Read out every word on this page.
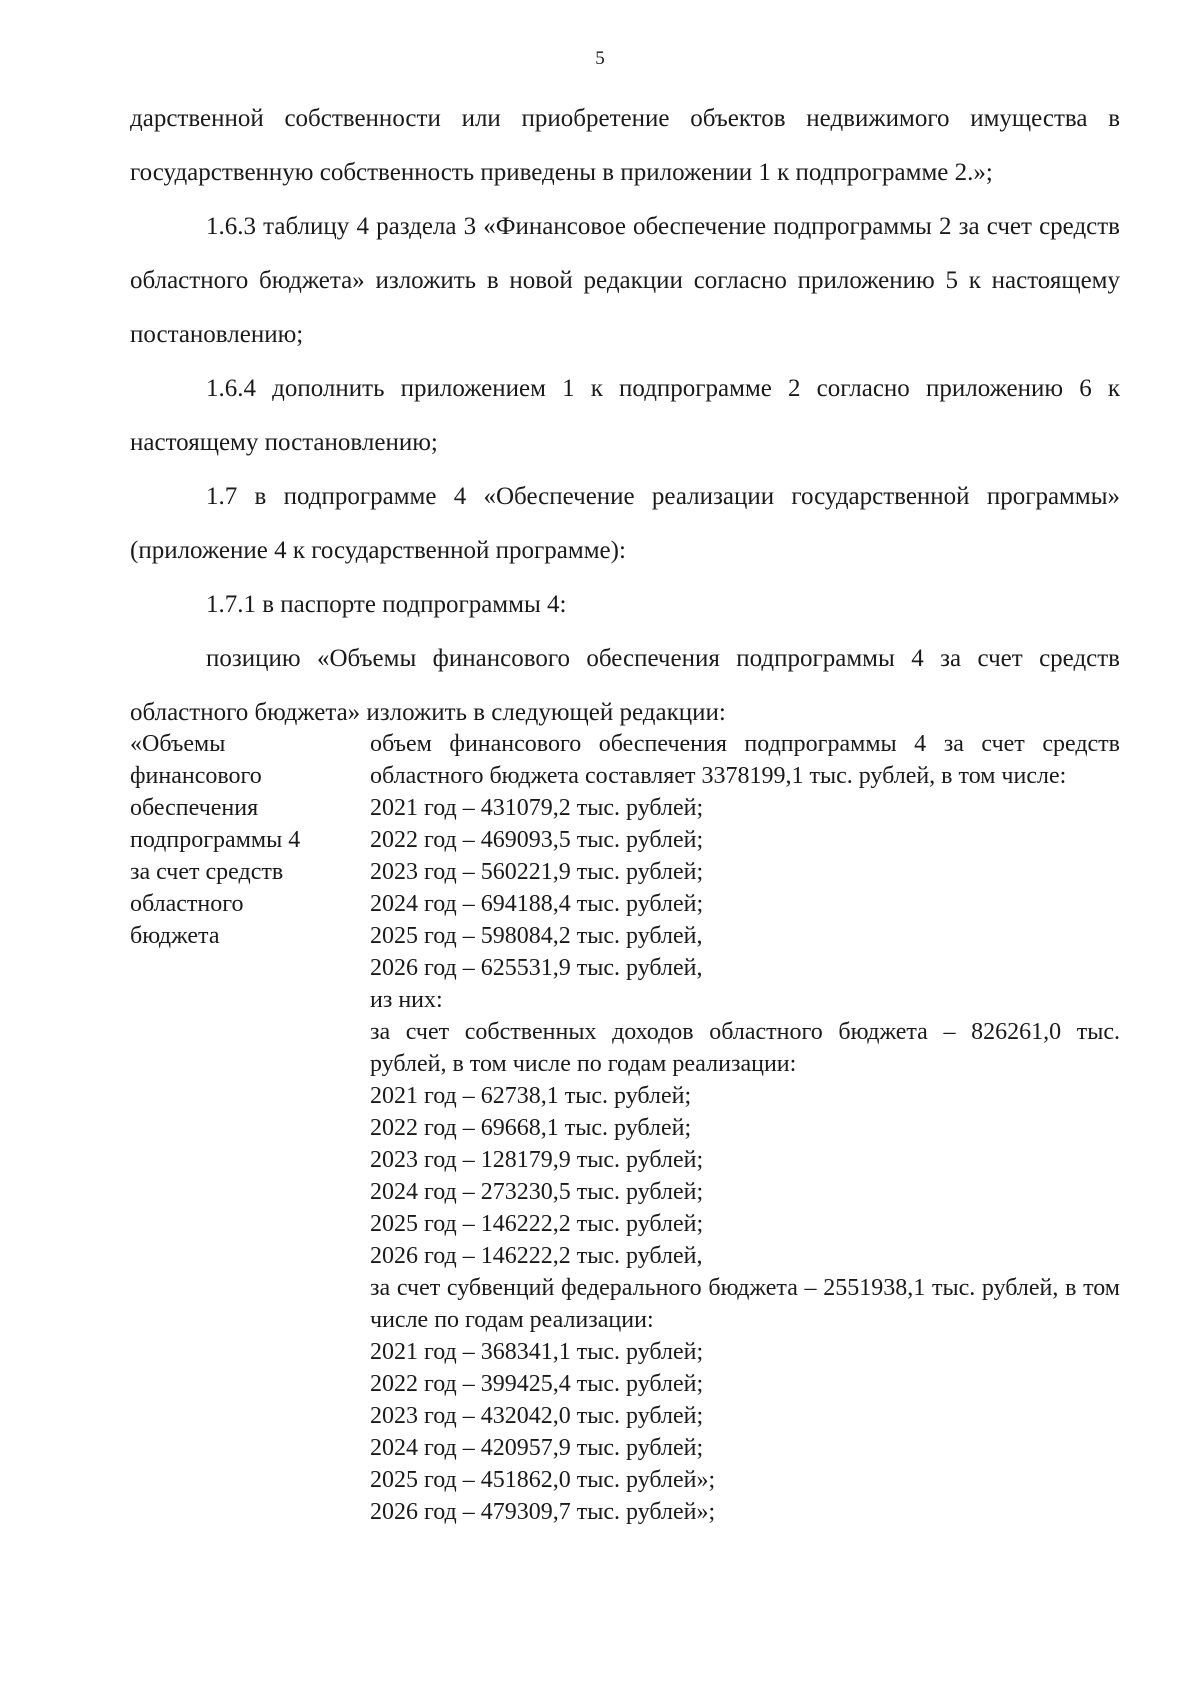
5

дарственной собственности или приобретение объектов недвижимого имущества в государственную собственность приведены в приложении 1 к подпрограмме 2.»;

1.6.3 таблицу 4 раздела 3 «Финансовое обеспечение подпрограммы 2 за счет средств областного бюджета» изложить в новой редакции согласно приложению 5 к настоящему постановлению;

1.6.4 дополнить приложением 1 к подпрограмме 2 согласно приложению 6 к настоящему постановлению;

1.7 в подпрограмме 4 «Обеспечение реализации государственной программы» (приложение 4 к государственной программе):

1.7.1 в паспорте подпрограммы 4:

позицию «Объемы финансового обеспечения подпрограммы 4 за счет средств областного бюджета» изложить в следующей редакции:

«Объемы
финансового
обеспечения
подпрограммы 4
за счет средств
областного
бюджета
объем финансового обеспечения подпрограммы 4 за счет средств областного бюджета составляет 3378199,1 тыс. рублей, в том числе:
2021 год – 431079,2 тыс. рублей;
2022 год – 469093,5 тыс. рублей;
2023 год – 560221,9 тыс. рублей;
2024 год – 694188,4 тыс. рублей;
2025 год – 598084,2 тыс. рублей,
2026 год – 625531,9 тыс. рублей,
из них:
за счет собственных доходов областного бюджета – 826261,0 тыс. рублей, в том числе по годам реализации:
2021 год – 62738,1 тыс. рублей;
2022 год – 69668,1 тыс. рублей;
2023 год – 128179,9 тыс. рублей;
2024 год – 273230,5 тыс. рублей;
2025 год – 146222,2 тыс. рублей;
2026 год – 146222,2 тыс. рублей,
за счет субвенций федерального бюджета – 2551938,1 тыс. рублей, в том числе по годам реализации:
2021 год – 368341,1 тыс. рублей;
2022 год – 399425,4 тыс. рублей;
2023 год – 432042,0 тыс. рублей;
2024 год – 420957,9 тыс. рублей;
2025 год – 451862,0 тыс. рублей»;
2026 год – 479309,7 тыс. рублей»;
